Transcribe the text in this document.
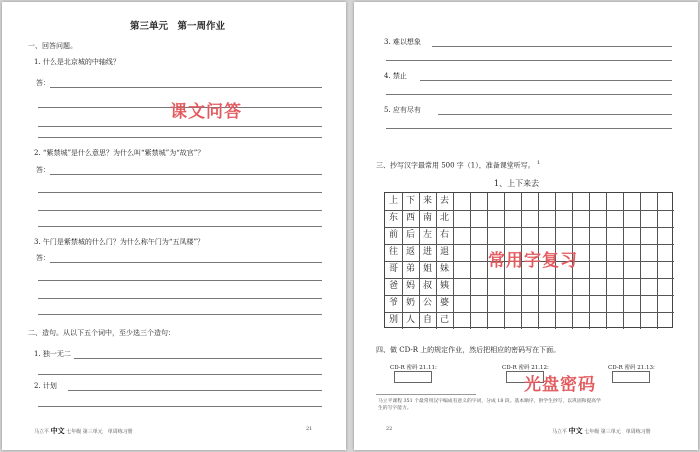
第三单元　第一周作业
一、回答问题。
1. 什么是北京城的中轴线？
答：
2. “紫禁城”是什么意思？为什么叫“紫禁城”为“故宫”？
答：
3. 午门是紫禁城的什么门？为什么称午门为“五凤楼”？
答：
二、造句。从以下五个词中，至少选三个造句：
1. 独一无二
2. 计划
课文问答
马立平 中文 七年级 第三单元　单周练习册	21
3. 难以想象
4. 禁止
5. 应有尽有
三、抄写汉字最常用 500 字（1），准备课堂听写。 $^1$
1、上下来去
上 下 来 去
东 西 南 北
前 后 左 右
往 返 进 退
哥 弟 姐 妹
爸 妈 叔 姨
爷 奶 公 婆
别 人 自 己
常用字复习
四、做 CD-R 上的规定作业，然后把相应的密码写在下面。
CD-R 密码 21.11:	CD-R 密码 21.12:	CD-R 密码 21.13:
光盘密码
马立平课程 351 个最常用汉字编成有意义的字词，分成 18 段。基本顺序，供学生抄写，以巩固和提高学
生的写字能力。
22	马立平 中文 七年级 第三单元　单周练习册
